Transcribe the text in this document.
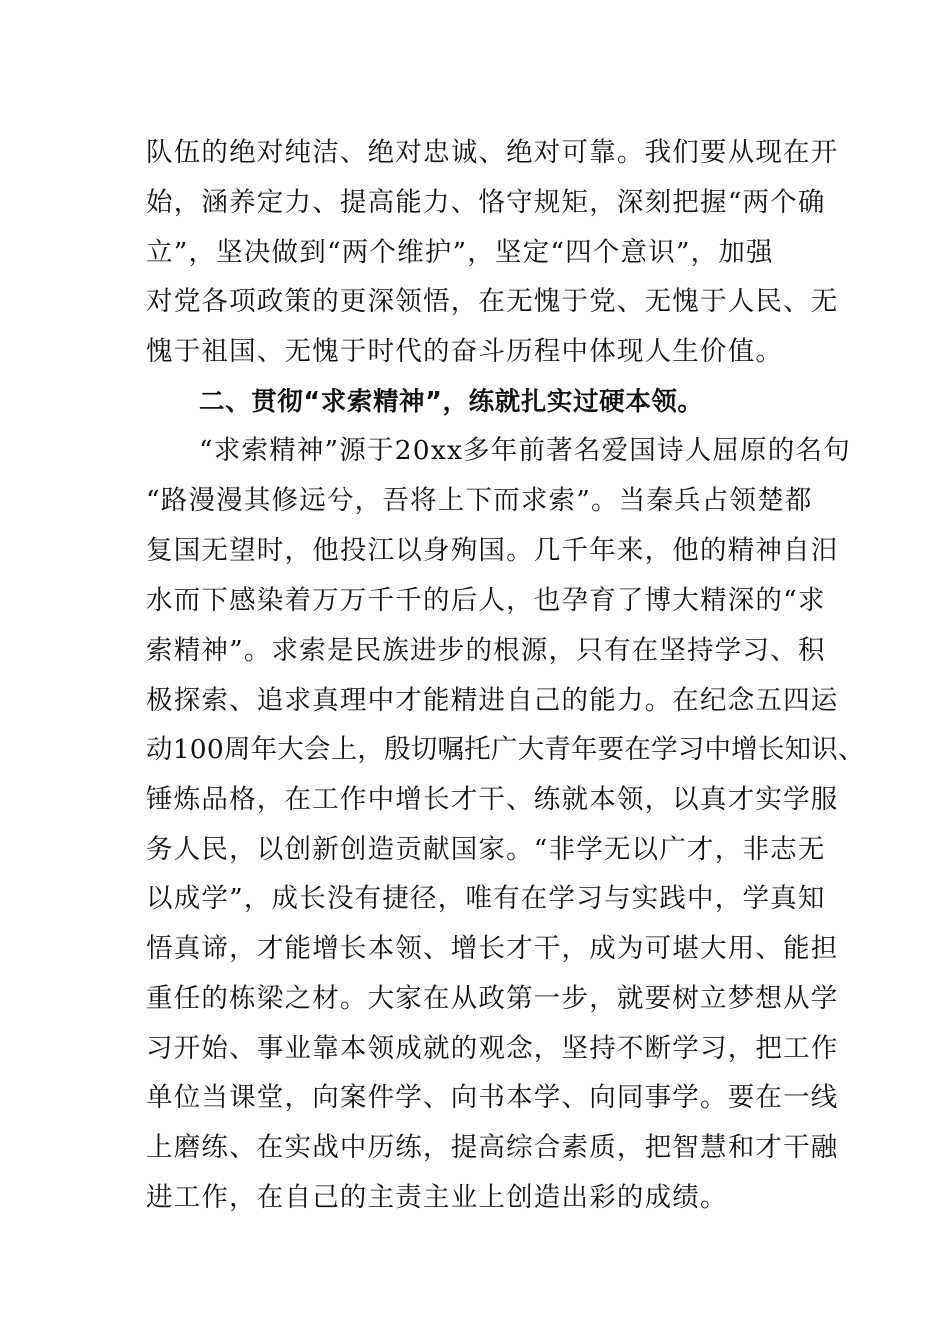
队伍的绝对纯洁、绝对忠诚、绝对可靠。我们要从现在开
始，涵养定力、提高能力、恪守规矩，深刻把握“两个确
立”，坚决做到“两个维护”，坚定“四个意识”，加强
对党各项政策的更深领悟，在无愧于党、无愧于人民、无
愧于祖国、无愧于时代的奋斗历程中体现人生价值。
二、贯彻“求索精神”，练就扎实过硬本领。
“求索精神”源于20xx多年前著名爱国诗人屈原的名句
“路漫漫其修远兮，吾将上下而求索”。当秦兵占领楚都
复国无望时，他投江以身殉国。几千年来，他的精神自汨
水而下感染着万万千千的后人，也孕育了博大精深的“求
索精神”。求索是民族进步的根源，只有在坚持学习、积
极探索、追求真理中才能精进自己的能力。在纪念五四运
动100周年大会上，殷切嘱托广大青年要在学习中增长知识、
锤炼品格，在工作中增长才干、练就本领，以真才实学服
务人民，以创新创造贡献国家。“非学无以广才，非志无
以成学”，成长没有捷径，唯有在学习与实践中，学真知
悟真谛，才能增长本领、增长才干，成为可堪大用、能担
重任的栋梁之材。大家在从政第一步，就要树立梦想从学
习开始、事业靠本领成就的观念，坚持不断学习，把工作
单位当课堂，向案件学、向书本学、向同事学。要在一线
上磨练、在实战中历练，提高综合素质，把智慧和才干融
进工作，在自己的主责主业上创造出彩的成绩。
